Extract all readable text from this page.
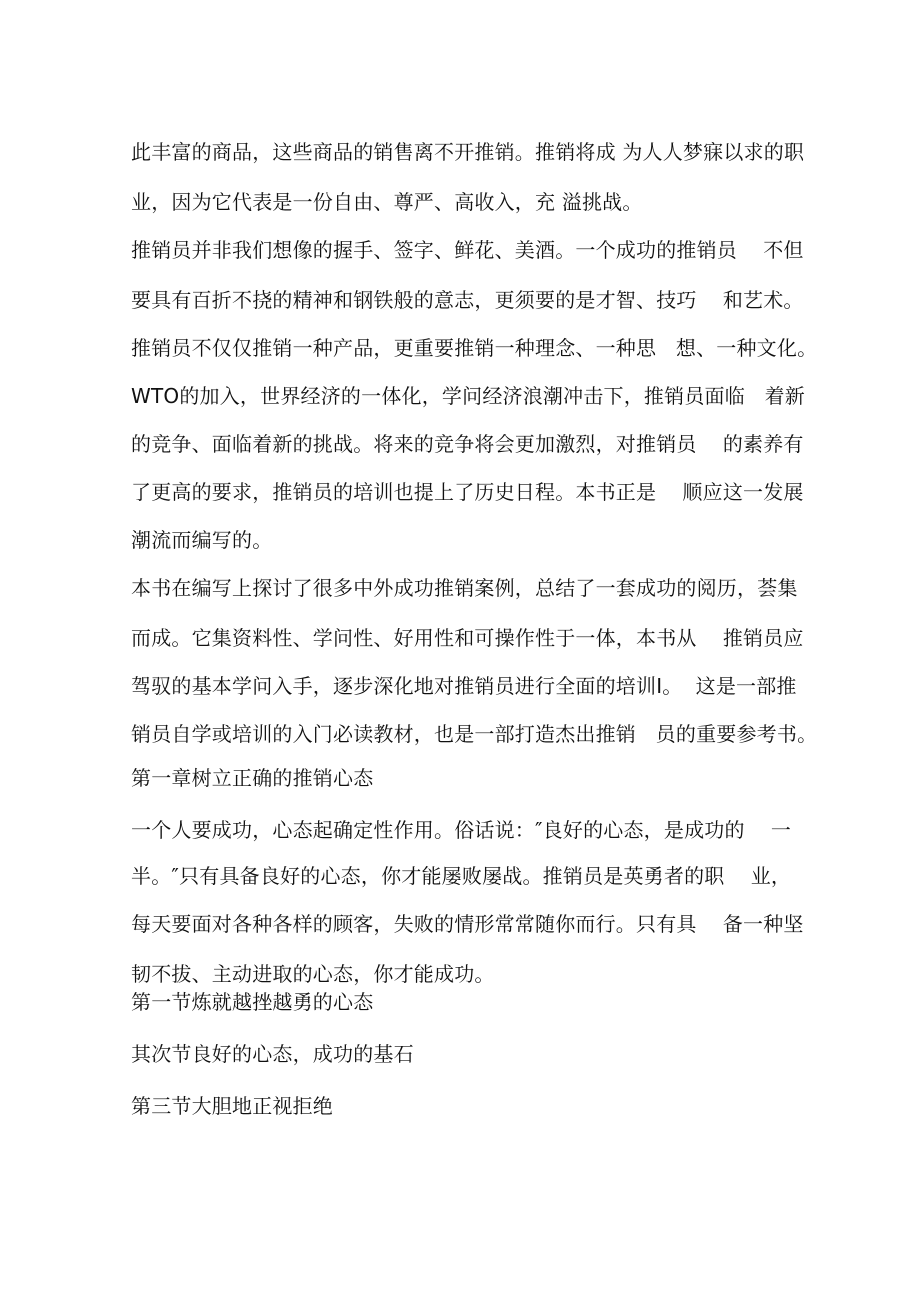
此丰富的商品，这些商品的销售离不开推销。推销将成 为人人梦寐以求的职
业，因为它代表是一份自由、尊严、高收入，充 溢挑战。
推销员并非我们想像的握手、签字、鲜花、美酒。一个成功的推销员    不但
要具有百折不挠的精神和钢铁般的意志，更须要的是才智、技巧    和艺术。
推销员不仅仅推销一种产品，更重要推销一种理念、一种思   想、一种文化。
WTO的加入，世界经济的一体化，学问经济浪潮冲击下，推销员面临   着新
的竞争、面临着新的挑战。将来的竞争将会更加激烈，对推销员    的素养有
了更高的要求，推销员的培训也提上了历史日程。本书正是    顺应这一发展
潮流而编写的。
本书在编写上探讨了很多中外成功推销案例，总结了一套成功的阅历，荟集
而成。它集资料性、学问性、好用性和可操作性于一体，本书从    推销员应
驾驭的基本学问入手，逐步深化地对推销员进行全面的培训I。  这是一部推
销员自学或培训的入门必读教材，也是一部打造杰出推销   员的重要参考书。
第一章树立正确的推销心态
一个人要成功，心态起确定性作用。俗话说：″良好的心态，是成功的    一
半。″只有具备良好的心态，你才能屡败屡战。推销员是英勇者的职    业，
每天要面对各种各样的顾客，失败的情形常常随你而行。只有具    备一种坚
韧不拔、主动进取的心态，你才能成功。
第一节炼就越挫越勇的心态
其次节良好的心态，成功的基石
第三节大胆地正视拒绝
